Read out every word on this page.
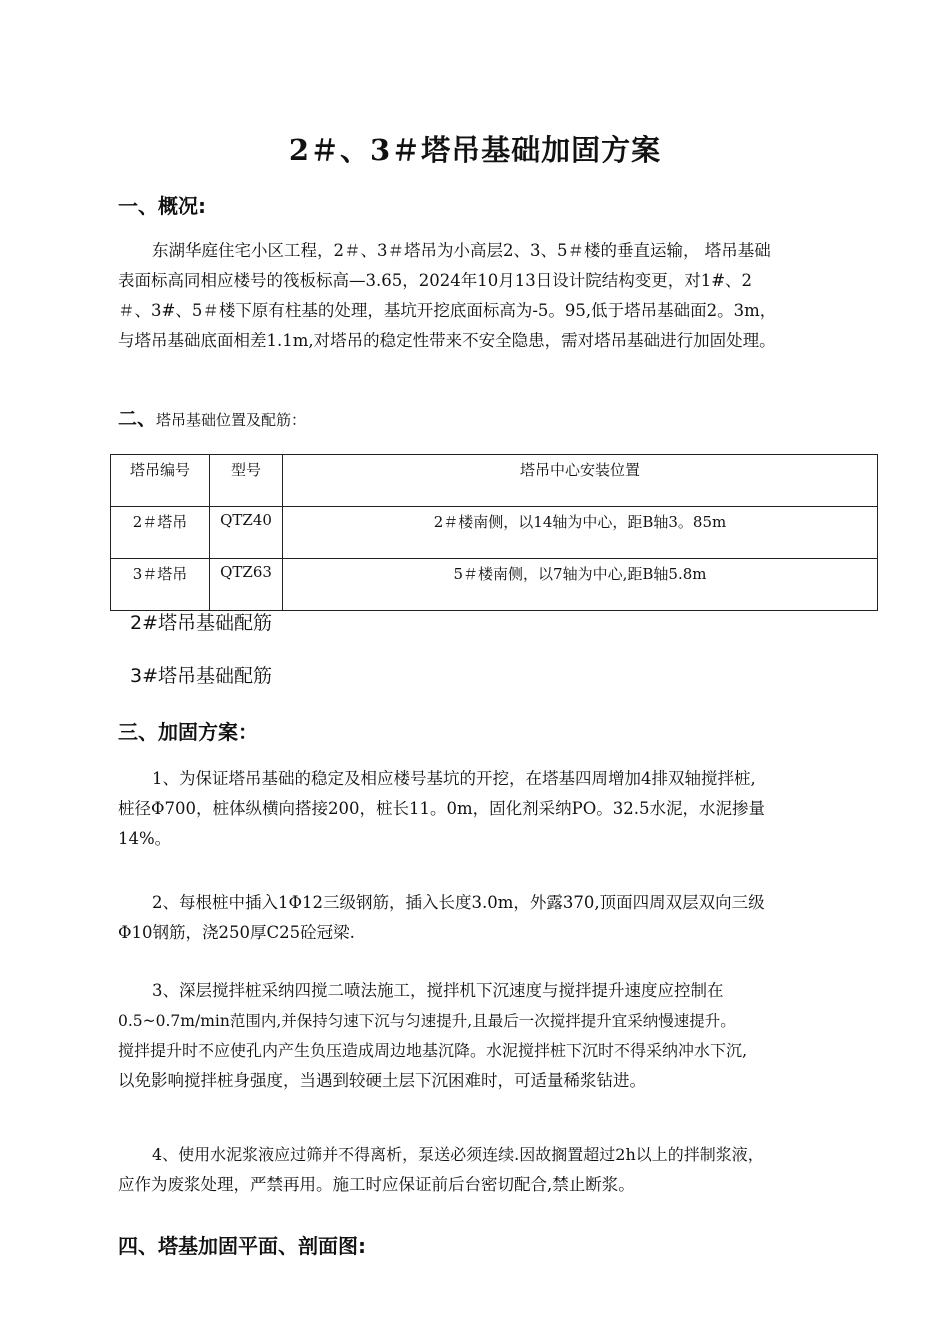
2＃、3＃塔吊基础加固方案
一、概况:
东湖华庭住宅小区工程，2＃、3＃塔吊为小高层2、3、5＃楼的垂直运输， 塔吊基础
表面标高同相应楼号的筏板标高—3.65，2024年10月13日设计院结构变更，对1#、2
＃、3#、5＃楼下原有柱基的处理，基坑开挖底面标高为-5。95,低于塔吊基础面2。3m，
与塔吊基础底面相差1.1m,对塔吊的稳定性带来不安全隐患，需对塔吊基础进行加固处理。
二、塔吊基础位置及配筋：
塔吊编号	型号	塔吊中心安装位置
2＃塔吊	QTZ40	2＃楼南侧，以14轴为中心，距B轴3。85m
3＃塔吊	QTZ63	5＃楼南侧，以7轴为中心,距B轴5.8m
2#塔吊基础配筋
3#塔吊基础配筋
三、加固方案：
1、为保证塔吊基础的稳定及相应楼号基坑的开挖，在塔基四周增加4排双轴搅拌桩,
桩径Φ700，桩体纵横向搭接200，桩长11。0m，固化剂采纳PO。32.5水泥，水泥掺量
14%。
2、每根桩中插入1Φ12三级钢筋，插入长度3.0m，外露370,顶面四周双层双向三级
Φ10钢筋，浇250厚C25砼冠梁.
3、深层搅拌桩采纳四搅二喷法施工，搅拌机下沉速度与搅拌提升速度应控制在
0.5~0.7m/min范围内,并保持匀速下沉与匀速提升,且最后一次搅拌提升宜采纳慢速提升。
搅拌提升时不应使孔内产生负压造成周边地基沉降。水泥搅拌桩下沉时不得采纳冲水下沉,
以免影响搅拌桩身强度，当遇到较硬土层下沉困难时，可适量稀浆钻进。
4、使用水泥浆液应过筛并不得离析，泵送必须连续.因故搁置超过2h以上的拌制浆液，
应作为废浆处理，严禁再用。施工时应保证前后台密切配合,禁止断浆。
四、塔基加固平面、剖面图:
